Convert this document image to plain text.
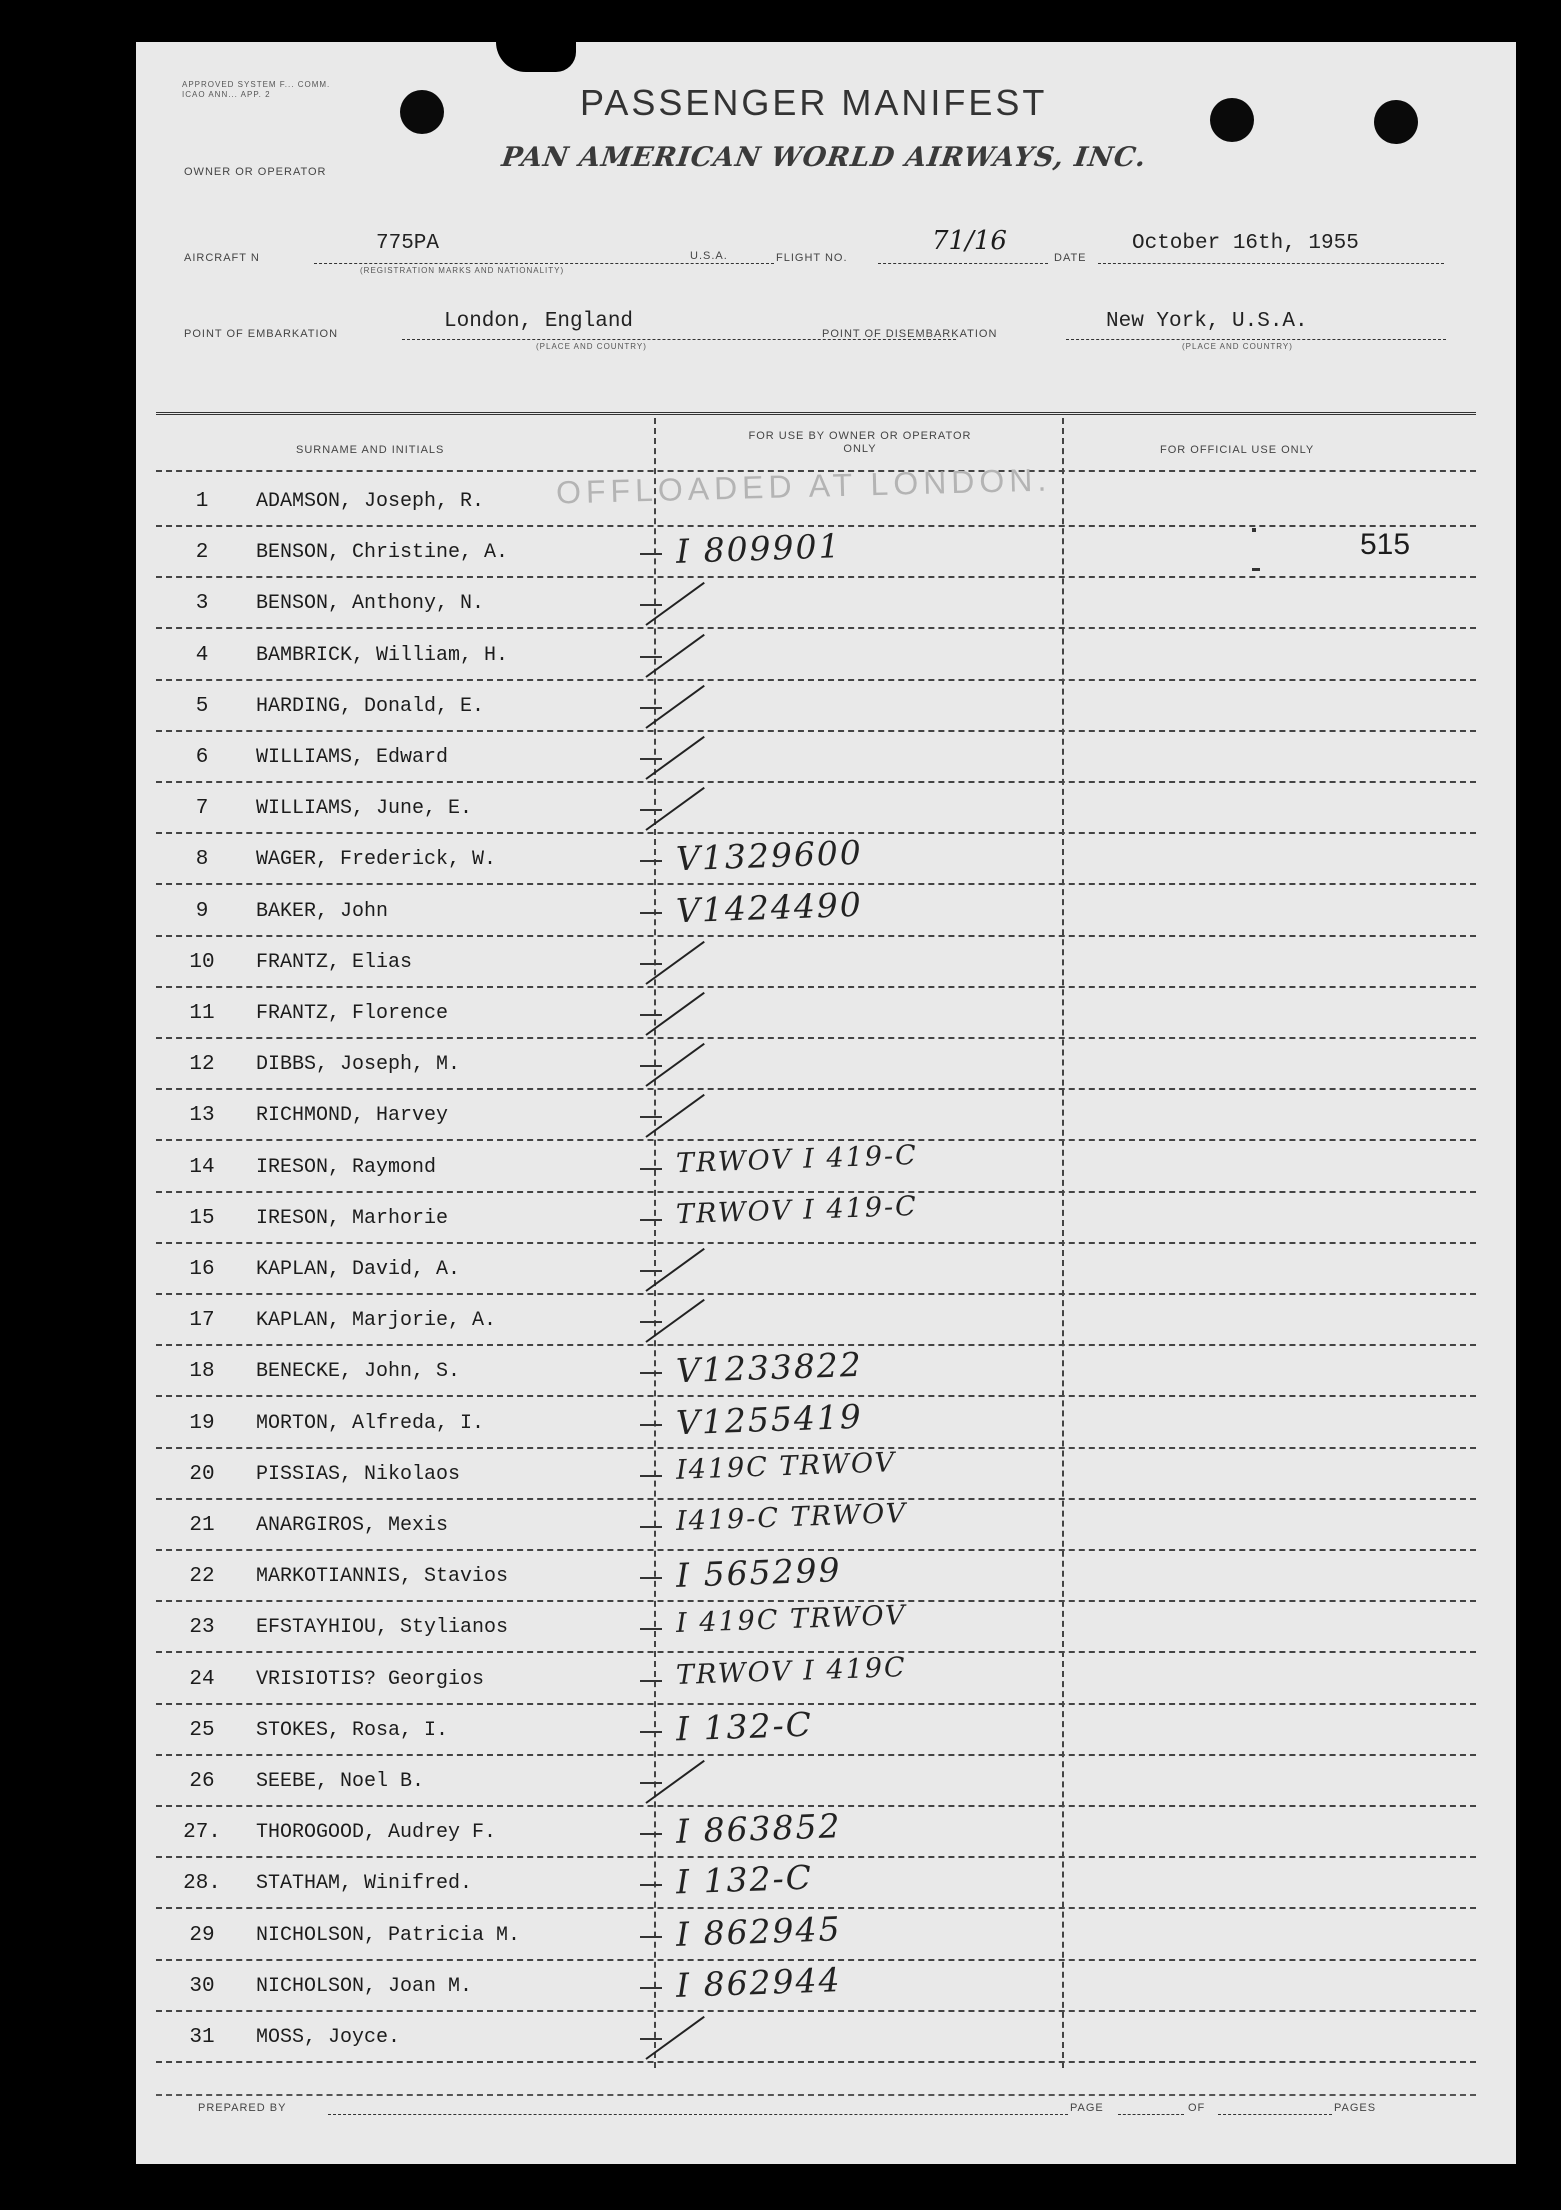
APPROVED SYSTEM F... COMM. ICAO ANN... APP. 2	PASSENGER MANIFEST
PAN AMERICAN WORLD AIRWAYS, INC.
OWNER OR OPERATOR
AIRCRAFT N
775PA
(REGISTRATION MARKS AND NATIONALITY)
U.S.A.	FLIGHT NO.
71/16
DATE
October 16th, 1955
POINT OF EMBARKATION
London, England
(PLACE AND COUNTRY)
POINT OF DISEMBARKATION
New York, U.S.A.
(PLACE AND COUNTRY)
SURNAME AND INITIALS
FOR USE BY OWNER OR OPERATOR ONLY	FOR OFFICIAL USE ONLY
1	ADAMSON, Joseph, R.
2	BENSON, Christine, A.	I 809901
3	BENSON, Anthony, N.
4	BAMBRICK, William, H.
5	HARDING, Donald, E.
6	WILLIAMS, Edward
7	WILLIAMS, June, E.
8	WAGER, Frederick, W.	V1329600
9	BAKER, John	V1424490
10	FRANTZ, Elias
11	FRANTZ, Florence
12	DIBBS, Joseph, M.
13	RICHMOND, Harvey
14	IRESON, Raymond	TRWOV I 419-C
15	IRESON, Marhorie	TRWOV I 419-C
16	KAPLAN, David, A.
17	KAPLAN, Marjorie, A.
18	BENECKE, John, S.	V1233822
19	MORTON, Alfreda, I.	V1255419
20	PISSIAS, Nikolaos	I419C TRWOV
21	ANARGIROS, Mexis	I419-C TRWOV
22	MARKOTIANNIS, Stavios	I 565299
23	EFSTAYHIOU, Stylianos	I 419C TRWOV
24	VRISIOTIS? Georgios	TRWOV I 419C
25	STOKES, Rosa, I.	I 132-C
26	SEEBE, Noel B.
27.	THOROGOOD, Audrey F.	I 863852
28.	STATHAM, Winifred.	I 132-C
29	NICHOLSON, Patricia M.	I 862945
30	NICHOLSON, Joan M.	I 862944
31	MOSS, Joyce.
OFFLOADED AT LONDON.
515
PREPARED BY	PAGE	OF	PAGES
